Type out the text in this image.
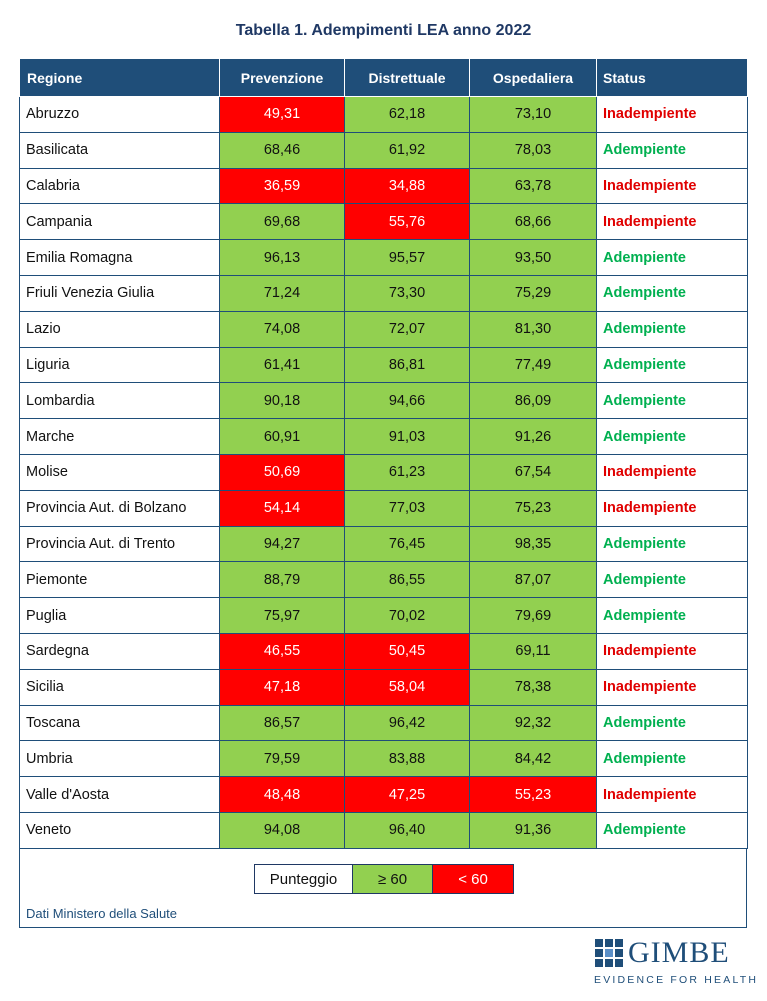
Tabella 1. Adempimenti LEA anno 2022
Regione	Prevenzione	Distrettuale	Ospedaliera	Status
Abruzzo	49,31	62,18	73,10	Inadempiente
Basilicata	68,46	61,92	78,03	Adempiente
Calabria	36,59	34,88	63,78	Inadempiente
Campania	69,68	55,76	68,66	Inadempiente
Emilia Romagna	96,13	95,57	93,50	Adempiente
Friuli Venezia Giulia	71,24	73,30	75,29	Adempiente
Lazio	74,08	72,07	81,30	Adempiente
Liguria	61,41	86,81	77,49	Adempiente
Lombardia	90,18	94,66	86,09	Adempiente
Marche	60,91	91,03	91,26	Adempiente
Molise	50,69	61,23	67,54	Inadempiente
Provincia Aut. di Bolzano	54,14	77,03	75,23	Inadempiente
Provincia Aut. di Trento	94,27	76,45	98,35	Adempiente
Piemonte	88,79	86,55	87,07	Adempiente
Puglia	75,97	70,02	79,69	Adempiente
Sardegna	46,55	50,45	69,11	Inadempiente
Sicilia	47,18	58,04	78,38	Inadempiente
Toscana	86,57	96,42	92,32	Adempiente
Umbria	79,59	83,88	84,42	Adempiente
Valle d'Aosta	48,48	47,25	55,23	Inadempiente
Veneto	94,08	96,40	91,36	Adempiente
Punteggio	≥ 60	< 60
Dati Ministero della Salute
GIMBE
EVIDENCE FOR HEALTH
